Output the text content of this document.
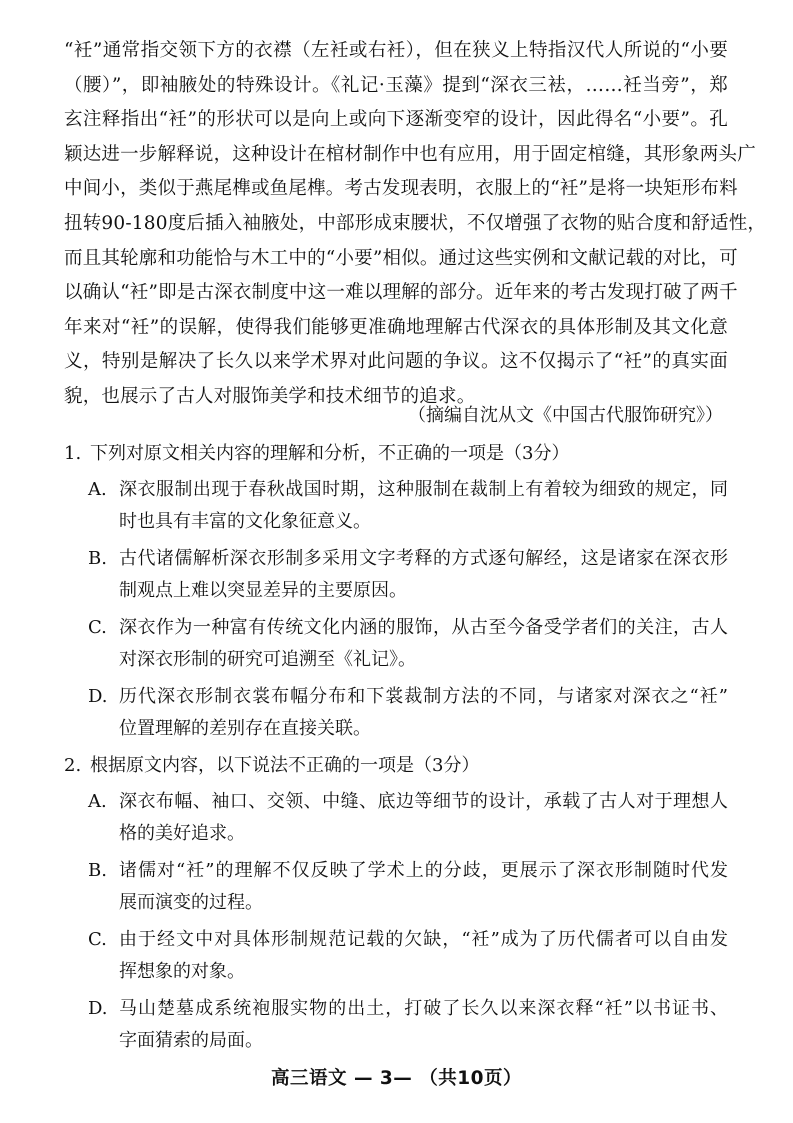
“衽”通常指交领下方的衣襟（左衽或右衽），但在狭义上特指汉代人所说的“小要
（腰）”，即袖腋处的特殊设计。《礼记·玉藻》提到“深衣三袪，……衽当旁”，郑
玄注释指出“衽”的形状可以是向上或向下逐渐变窄的设计，因此得名“小要”。孔
颖达进一步解释说，这种设计在棺材制作中也有应用，用于固定棺缝，其形象两头广
中间小，类似于燕尾榫或鱼尾榫。考古发现表明，衣服上的“衽”是将一块矩形布料
扭转90-180度后插入袖腋处，中部形成束腰状，不仅增强了衣物的贴合度和舒适性，
而且其轮廓和功能恰与木工中的“小要”相似。通过这些实例和文献记载的对比，可
以确认“衽”即是古深衣制度中这一难以理解的部分。近年来的考古发现打破了两千
年来对“衽”的误解，使得我们能够更准确地理解古代深衣的具体形制及其文化意
义，特别是解决了长久以来学术界对此问题的争议。这不仅揭示了“衽”的真实面
貌，也展示了古人对服饰美学和技术细节的追求。
（摘编自沈从文《中国古代服饰研究》）
1. 下列对原文相关内容的理解和分析，不正确的一项是（3分）
A. 深衣服制出现于春秋战国时期，这种服制在裁制上有着较为细致的规定，同
时也具有丰富的文化象征意义。
B. 古代诸儒解析深衣形制多采用文字考释的方式逐句解经，这是诸家在深衣形
制观点上难以突显差异的主要原因。
C. 深衣作为一种富有传统文化内涵的服饰，从古至今备受学者们的关注，古人
对深衣形制的研究可追溯至《礼记》。
D. 历代深衣形制衣裳布幅分布和下裳裁制方法的不同，与诸家对深衣之“衽”
位置理解的差别存在直接关联。
2. 根据原文内容，以下说法不正确的一项是（3分）
A. 深衣布幅、袖口、交领、中缝、底边等细节的设计，承载了古人对于理想人
格的美好追求。
B. 诸儒对“衽”的理解不仅反映了学术上的分歧，更展示了深衣形制随时代发
展而演变的过程。
C. 由于经文中对具体形制规范记载的欠缺，“衽”成为了历代儒者可以自由发
挥想象的对象。
D. 马山楚墓成系统袍服实物的出土，打破了长久以来深衣释“衽”以书证书、
字面猜索的局面。
高三语文 — 3— （共10页）
